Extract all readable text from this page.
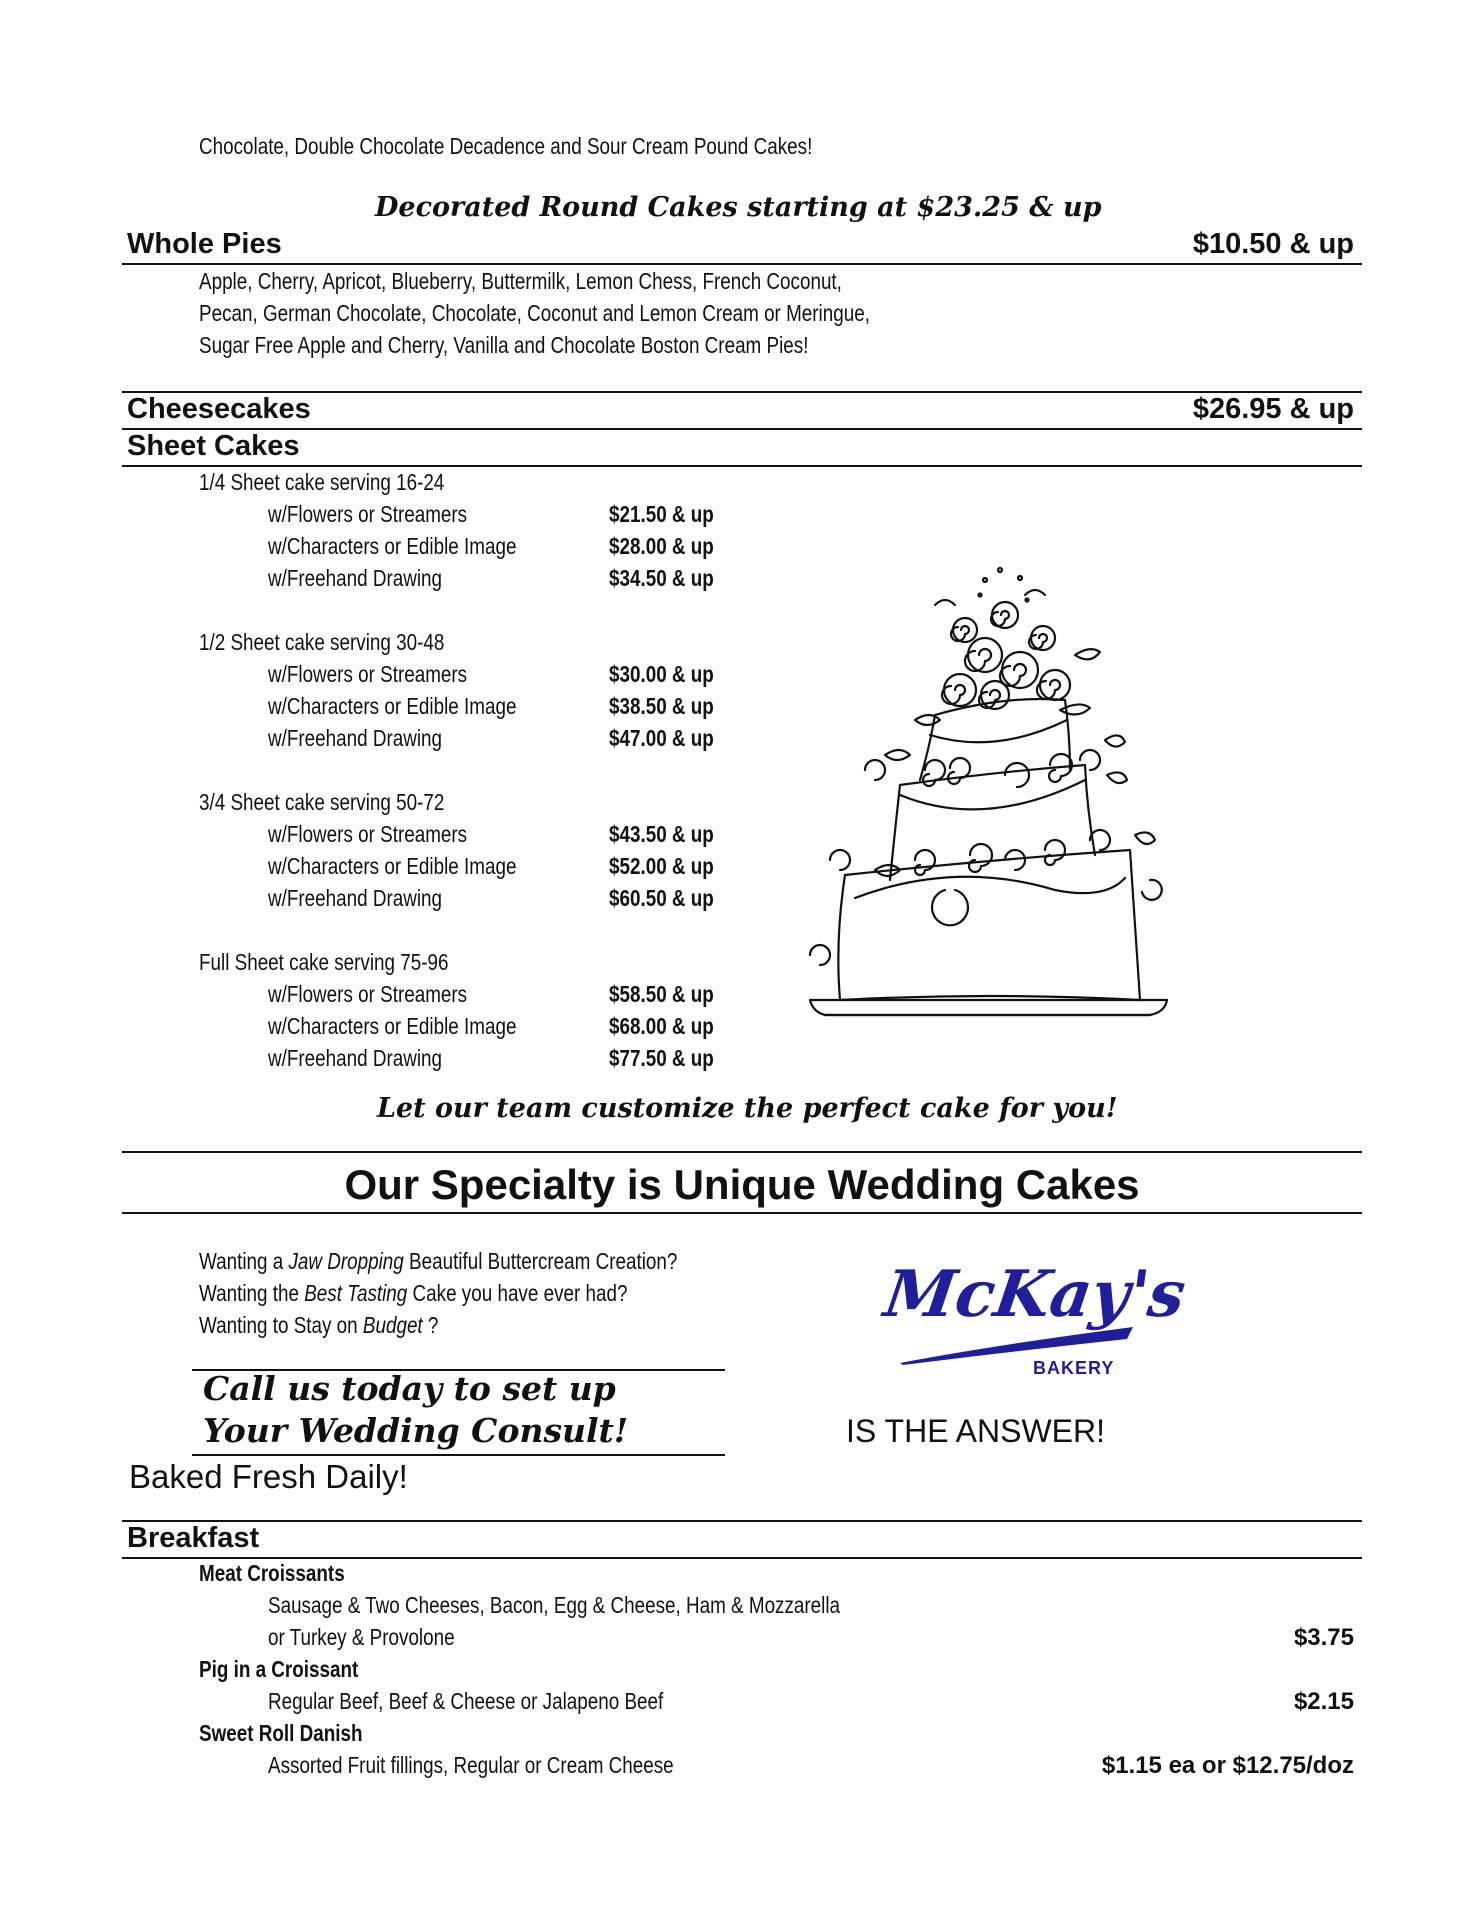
Chocolate, Double Chocolate Decadence and Sour Cream Pound Cakes!
Decorated Round Cakes starting at $23.25 & up
Whole Pies	$10.50 & up
Apple, Cherry, Apricot, Blueberry, Buttermilk, Lemon Chess, French Coconut,
Pecan, German Chocolate, Chocolate, Coconut and Lemon Cream or Meringue,
Sugar Free Apple and Cherry, Vanilla and Chocolate Boston Cream Pies!
Cheesecakes	$26.95 & up
Sheet Cakes
1/4 Sheet cake serving 16-24
w/Flowers or Streamers	$21.50 & up
w/Characters or Edible Image	$28.00 & up
w/Freehand Drawing	$34.50 & up
1/2 Sheet cake serving 30-48
w/Flowers or Streamers	$30.00 & up
w/Characters or Edible Image	$38.50 & up
w/Freehand Drawing	$47.00 & up
3/4 Sheet cake serving 50-72
w/Flowers or Streamers	$43.50 & up
w/Characters or Edible Image	$52.00 & up
w/Freehand Drawing	$60.50 & up
Full Sheet cake serving 75-96
w/Flowers or Streamers	$58.50 & up
w/Characters or Edible Image	$68.00 & up
w/Freehand Drawing	$77.50 & up
Let our team customize the perfect cake for you!
Our Specialty is Unique Wedding Cakes
Wanting a Jaw Dropping Beautiful Buttercream Creation?
Wanting the Best Tasting Cake you have ever had?
Wanting to Stay on Budget ?
Call us today to set up
Your Wedding Consult!
McKay's
BAKERY
IS THE ANSWER!
Baked Fresh Daily!
Breakfast
Meat Croissants
Sausage & Two Cheeses, Bacon, Egg & Cheese, Ham & Mozzarella
or Turkey & Provolone	$3.75
Pig in a Croissant
Regular Beef, Beef & Cheese or Jalapeno Beef	$2.15
Sweet Roll Danish
Assorted Fruit fillings, Regular or Cream Cheese	$1.15 ea or $12.75/doz
